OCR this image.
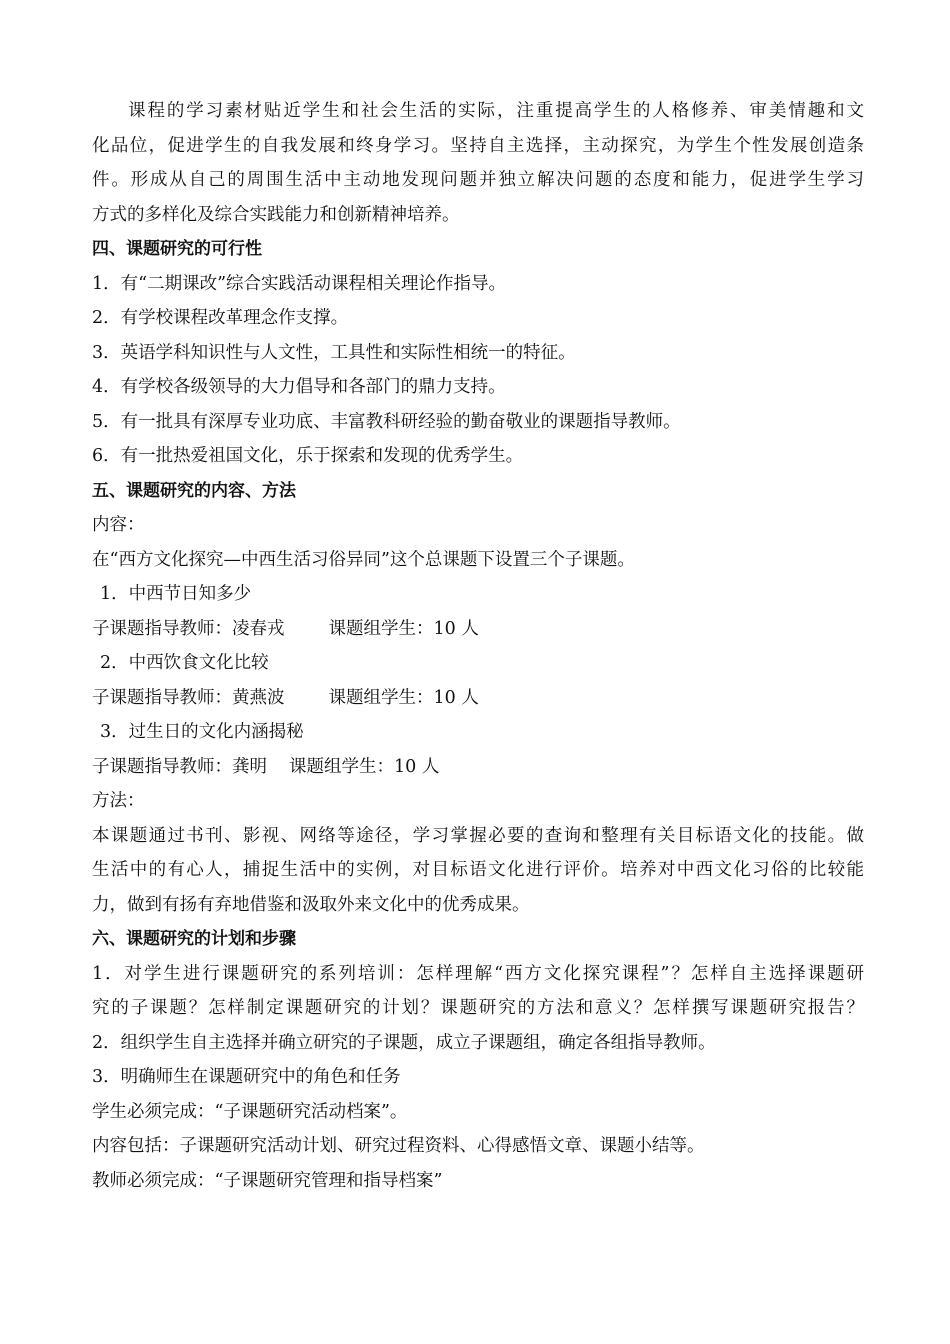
课程的学习素材贴近学生和社会生活的实际，注重提高学生的人格修养、审美情趣和文
化品位，促进学生的自我发展和终身学习。坚持自主选择，主动探究，为学生个性发展创造条
件。形成从自己的周围生活中主动地发现问题并独立解决问题的态度和能力，促进学生学习
方式的多样化及综合实践能力和创新精神培养。
四、课题研究的可行性
1．有“二期课改”综合实践活动课程相关理论作指导。
2．有学校课程改革理念作支撑。
3．英语学科知识性与人文性，工具性和实际性相统一的特征。
4．有学校各级领导的大力倡导和各部门的鼎力支持。
5．有一批具有深厚专业功底、丰富教科研经验的勤奋敬业的课题指导教师。
6．有一批热爱祖国文化，乐于探索和发现的优秀学生。
五、课题研究的内容、方法
内容：
在“西方文化探究—中西生活习俗异同”这个总课题下设置三个子课题。
1．中西节日知多少
子课题指导教师：凌春戎	课题组学生：10 人
2．中西饮食文化比较
子课题指导教师：黄燕波	课题组学生：10 人
3．过生日的文化内涵揭秘
子课题指导教师：龚明 课题组学生：10 人
方法：
本课题通过书刊、影视、网络等途径，学习掌握必要的查询和整理有关目标语文化的技能。做
生活中的有心人，捕捉生活中的实例，对目标语文化进行评价。培养对中西文化习俗的比较能
力，做到有扬有弃地借鉴和汲取外来文化中的优秀成果。
六、课题研究的计划和步骤
1．对学生进行课题研究的系列培训：怎样理解“西方文化探究课程”？怎样自主选择课题研
究的子课题？怎样制定课题研究的计划？课题研究的方法和意义？怎样撰写课题研究报告？
2．组织学生自主选择并确立研究的子课题，成立子课题组，确定各组指导教师。
3．明确师生在课题研究中的角色和任务
学生必须完成：“子课题研究活动档案”。
内容包括：子课题研究活动计划、研究过程资料、心得感悟文章、课题小结等。
教师必须完成：“子课题研究管理和指导档案”
